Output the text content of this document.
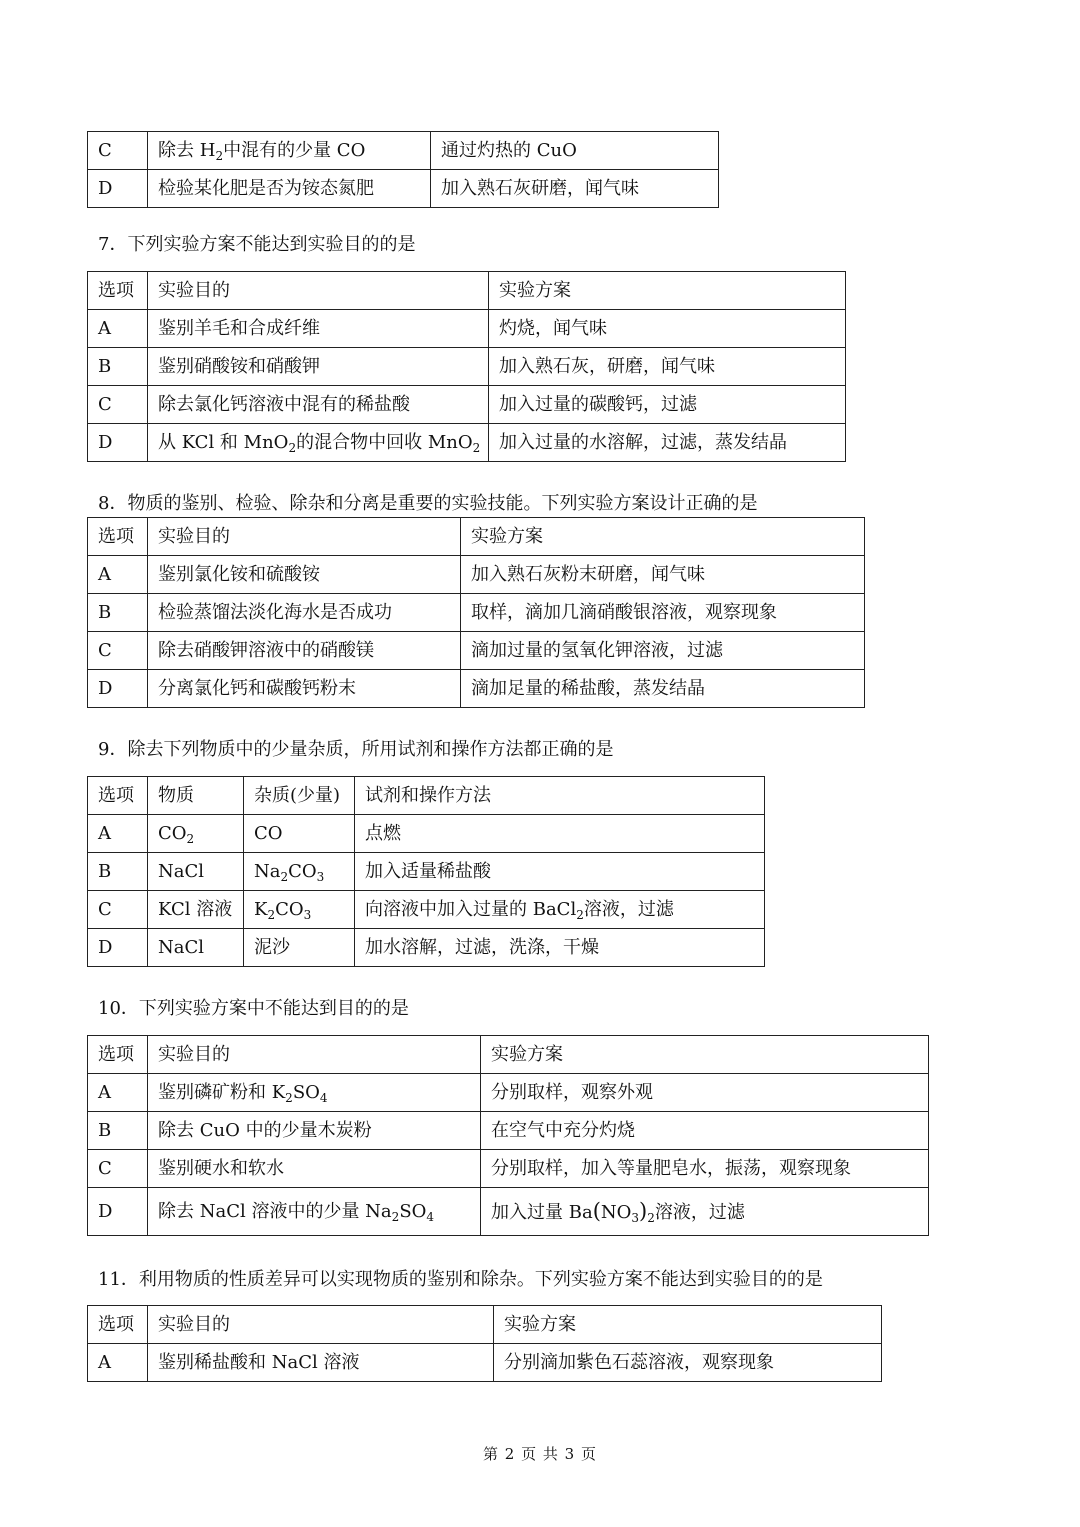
C	除去 $H_2$中混有的少量 CO	通过灼热的 CuO
D	检验某化肥是否为铵态氮肥	加入熟石灰研磨，闻气味
7．下列实验方案不能达到实验目的的是
选项	实验目的	实验方案
A	鉴别羊毛和合成纤维	灼烧，闻气味
B	鉴别硝酸铵和硝酸钾	加入熟石灰，研磨，闻气味
C	除去氯化钙溶液中混有的稀盐酸	加入过量的碳酸钙，过滤
D	从 KCl 和 MnO$_2$的混合物中回收 MnO$_2$	加入过量的水溶解，过滤，蒸发结晶
8．物质的鉴别、检验、除杂和分离是重要的实验技能。下列实验方案设计正确的是
选项	实验目的	实验方案
A	鉴别氯化铵和硫酸铵	加入熟石灰粉末研磨，闻气味
B	检验蒸馏法淡化海水是否成功	取样，滴加几滴硝酸银溶液，观察现象
C	除去硝酸钾溶液中的硝酸镁	滴加过量的氢氧化钾溶液，过滤
D	分离氯化钙和碳酸钙粉末	滴加足量的稀盐酸，蒸发结晶
9．除去下列物质中的少量杂质，所用试剂和操作方法都正确的是
选项	物质	杂质(少量)	试剂和操作方法
A	$CO_2$	CO	点燃
B	NaCl	$Na_2CO_3$	加入适量稀盐酸
C	KCl 溶液	$K_2CO_3$	向溶液中加入过量的 BaCl$_2$溶液，过滤
D	NaCl	泥沙	加水溶解，过滤，洗涤，干燥
10．下列实验方案中不能达到目的的是
选项	实验目的	实验方案
A	鉴别磷矿粉和 $K_2SO_4$	分别取样，观察外观
B	除去 CuO 中的少量木炭粉	在空气中充分灼烧
C	鉴别硬水和软水	分别取样，加入等量肥皂水，振荡，观察现象
D	除去 NaCl 溶液中的少量 $Na_2SO_4$	加入过量 $Ba(NO_3)_2$溶液，过滤
11．利用物质的性质差异可以实现物质的鉴别和除杂。下列实验方案不能达到实验目的的是
选项	实验目的	实验方案
A	鉴别稀盐酸和 NaCl 溶液	分别滴加紫色石蕊溶液，观察现象
第 2 页 共 3 页
